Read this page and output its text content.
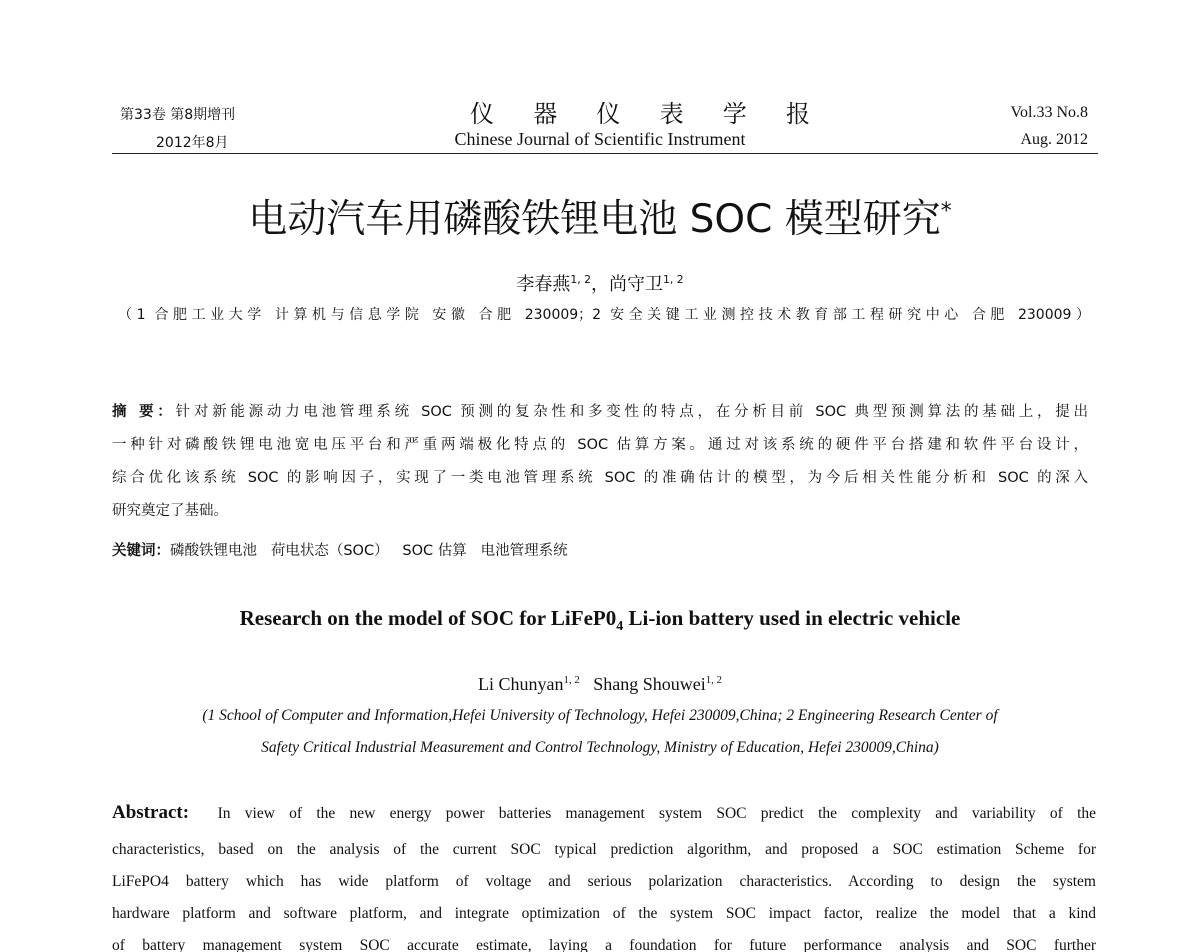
第33卷 第8期增刊
2012年8月
仪 器 仪 表 学 报
Chinese Journal of Scientific Instrument
Vol.33 No.8
Aug. 2012
电动汽车用磷酸铁锂电池 SOC 模型研究*
李春燕$^{1, 2}$，尚守卫$^{1, 2}$
（1 合肥工业大学 计算机与信息学院 安徽 合肥 230009；2 安全关键工业测控技术教育部工程研究中心 合肥 230009）
摘 要：针对新能源动力电池管理系统 SOC 预测的复杂性和多变性的特点，在分析目前 SOC 典型预测算法的基础上，提出
一种针对磷酸铁锂电池宽电压平台和严重两端极化特点的 SOC 估算方案。通过对该系统的硬件平台搭建和软件平台设计，
综合优化该系统 SOC 的影响因子，实现了一类电池管理系统 SOC 的准确估计的模型，为今后相关性能分析和 SOC 的深入
研究奠定了基础。
关键词：磷酸铁锂电池 荷电状态（SOC） SOC 估算 电池管理系统
Research on the model of SOC for $LiFeP0_4$ Li-ion battery used in electric vehicle
Li Chunyan$^{1, 2}$ Shang Shouwei$^{1, 2}$
(1 School of Computer and Information,Hefei University of Technology, Hefei 230009,China; 2 Engineering Research Center of
Safety Critical Industrial Measurement and Control Technology, Ministry of Education, Hefei 230009,China)
Abstract: In view of the new energy power batteries management system SOC predict the complexity and variability of the
characteristics, based on the analysis of the current SOC typical prediction algorithm, and proposed a SOC estimation Scheme for
LiFePO4 battery which has wide platform of voltage and serious polarization characteristics. According to design the system
hardware platform and software platform, and integrate optimization of the system SOC impact factor, realize the model that a kind
of battery management system SOC accurate estimate, laying a foundation for future performance analysis and SOC further
